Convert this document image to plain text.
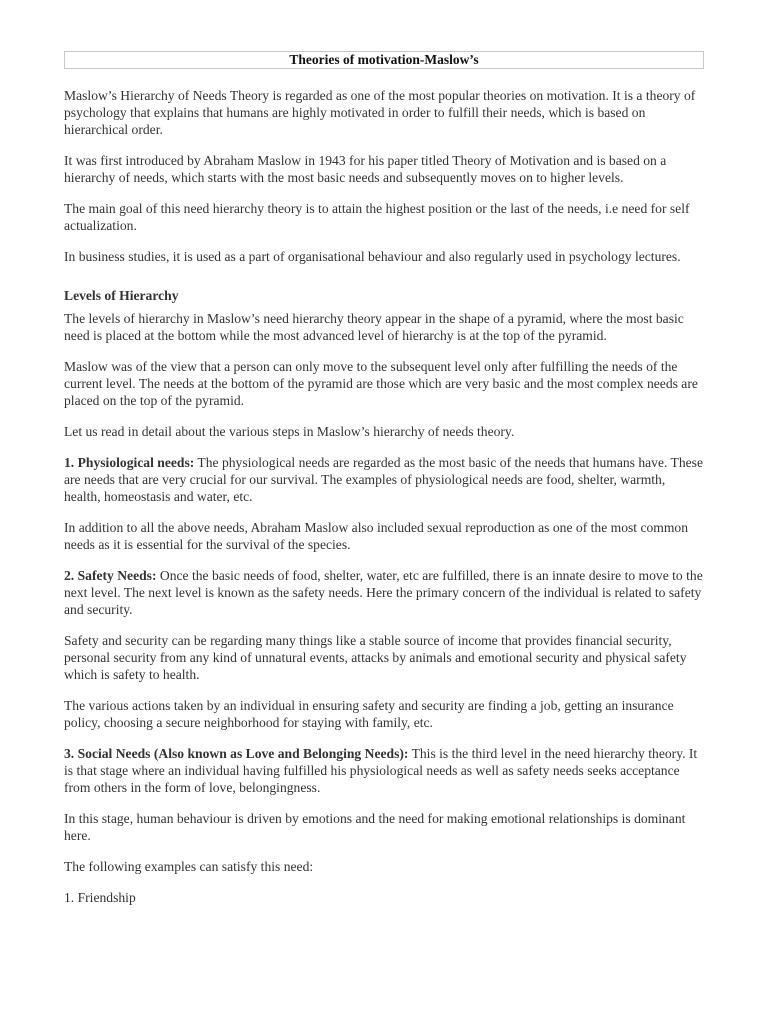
Theories of motivation-Maslow’s

Maslow’s Hierarchy of Needs Theory is regarded as one of the most popular theories on motivation. It is a theory of psychology that explains that humans are highly motivated in order to fulfill their needs, which is based on hierarchical order.

It was first introduced by Abraham Maslow in 1943 for his paper titled Theory of Motivation and is based on a hierarchy of needs, which starts with the most basic needs and subsequently moves on to higher levels.

The main goal of this need hierarchy theory is to attain the highest position or the last of the needs, i.e need for self actualization.

In business studies, it is used as a part of organisational behaviour and also regularly used in psychology lectures.

Levels of Hierarchy

The levels of hierarchy in Maslow’s need hierarchy theory appear in the shape of a pyramid, where the most basic need is placed at the bottom while the most advanced level of hierarchy is at the top of the pyramid.

Maslow was of the view that a person can only move to the subsequent level only after fulfilling the needs of the current level. The needs at the bottom of the pyramid are those which are very basic and the most complex needs are placed on the top of the pyramid.

Let us read in detail about the various steps in Maslow’s hierarchy of needs theory.

1. Physiological needs: The physiological needs are regarded as the most basic of the needs that humans have. These are needs that are very crucial for our survival. The examples of physiological needs are food, shelter, warmth, health, homeostasis and water, etc.

In addition to all the above needs, Abraham Maslow also included sexual reproduction as one of the most common needs as it is essential for the survival of the species.

2. Safety Needs: Once the basic needs of food, shelter, water, etc are fulfilled, there is an innate desire to move to the next level. The next level is known as the safety needs. Here the primary concern of the individual is related to safety and security.

Safety and security can be regarding many things like a stable source of income that provides financial security, personal security from any kind of unnatural events, attacks by animals and emotional security and physical safety which is safety to health.

The various actions taken by an individual in ensuring safety and security are finding a job, getting an insurance policy, choosing a secure neighborhood for staying with family, etc.

3. Social Needs (Also known as Love and Belonging Needs): This is the third level in the need hierarchy theory. It is that stage where an individual having fulfilled his physiological needs as well as safety needs seeks acceptance from others in the form of love, belongingness.

In this stage, human behaviour is driven by emotions and the need for making emotional relationships is dominant here.

The following examples can satisfy this need:

1. Friendship
